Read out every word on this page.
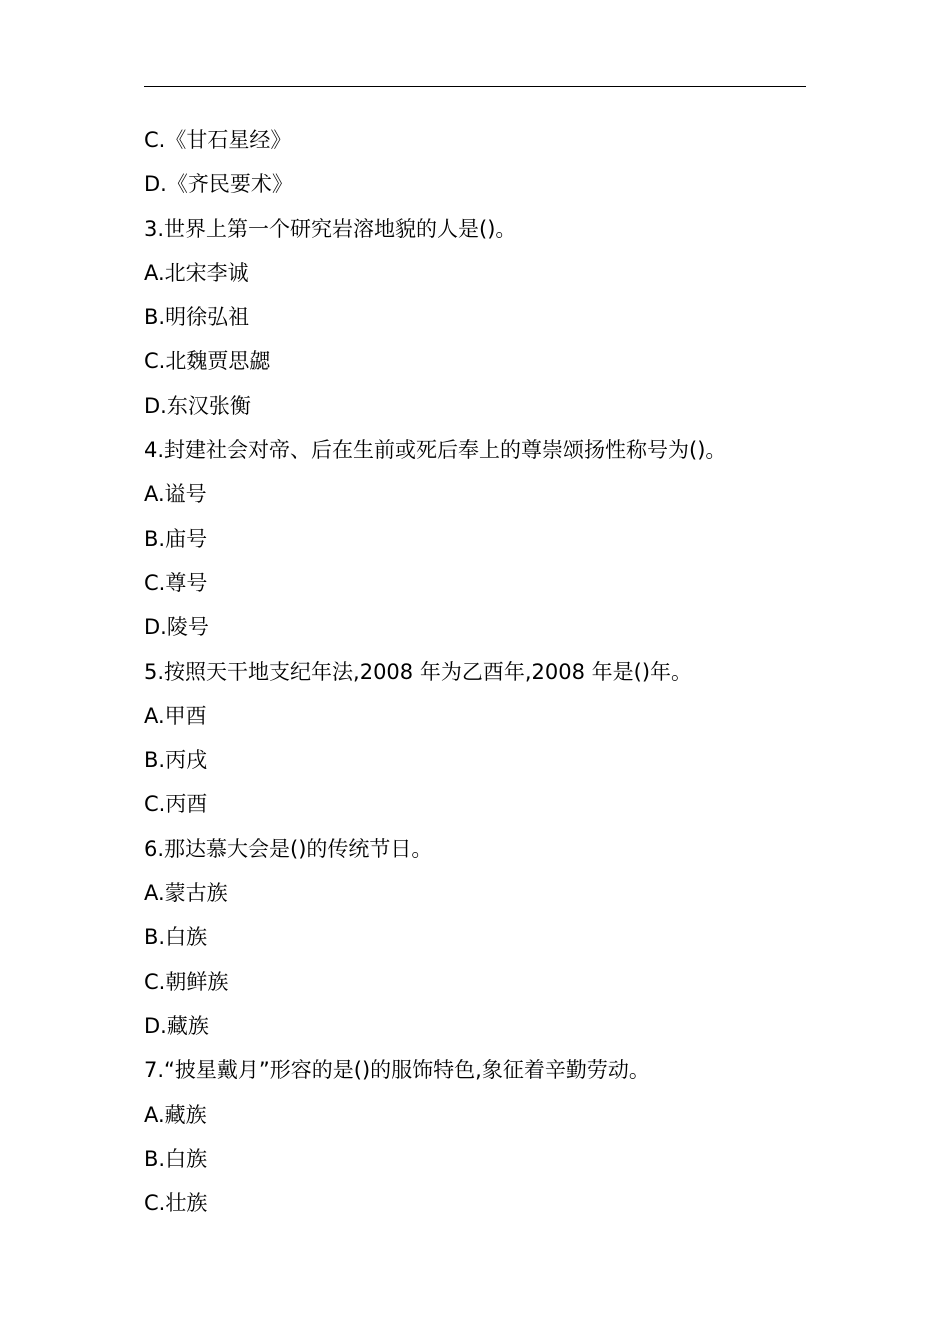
C.《甘石星经》
D.《齐民要术》
3.世界上第一个研究岩溶地貌的人是()。
A.北宋李诚
B.明徐弘祖
C.北魏贾思勰
D.东汉张衡
4.封建社会对帝、后在生前或死后奉上的尊崇颂扬性称号为()。
A.谥号
B.庙号
C.尊号
D.陵号
5.按照天干地支纪年法,2008 年为乙酉年,2008 年是()年。
A.甲酉
B.丙戌
C.丙酉
6.那达慕大会是()的传统节日。
A.蒙古族
B.白族
C.朝鲜族
D.藏族
7.“披星戴月”形容的是()的服饰特色,象征着辛勤劳动。
A.藏族
B.白族
C.壮族
